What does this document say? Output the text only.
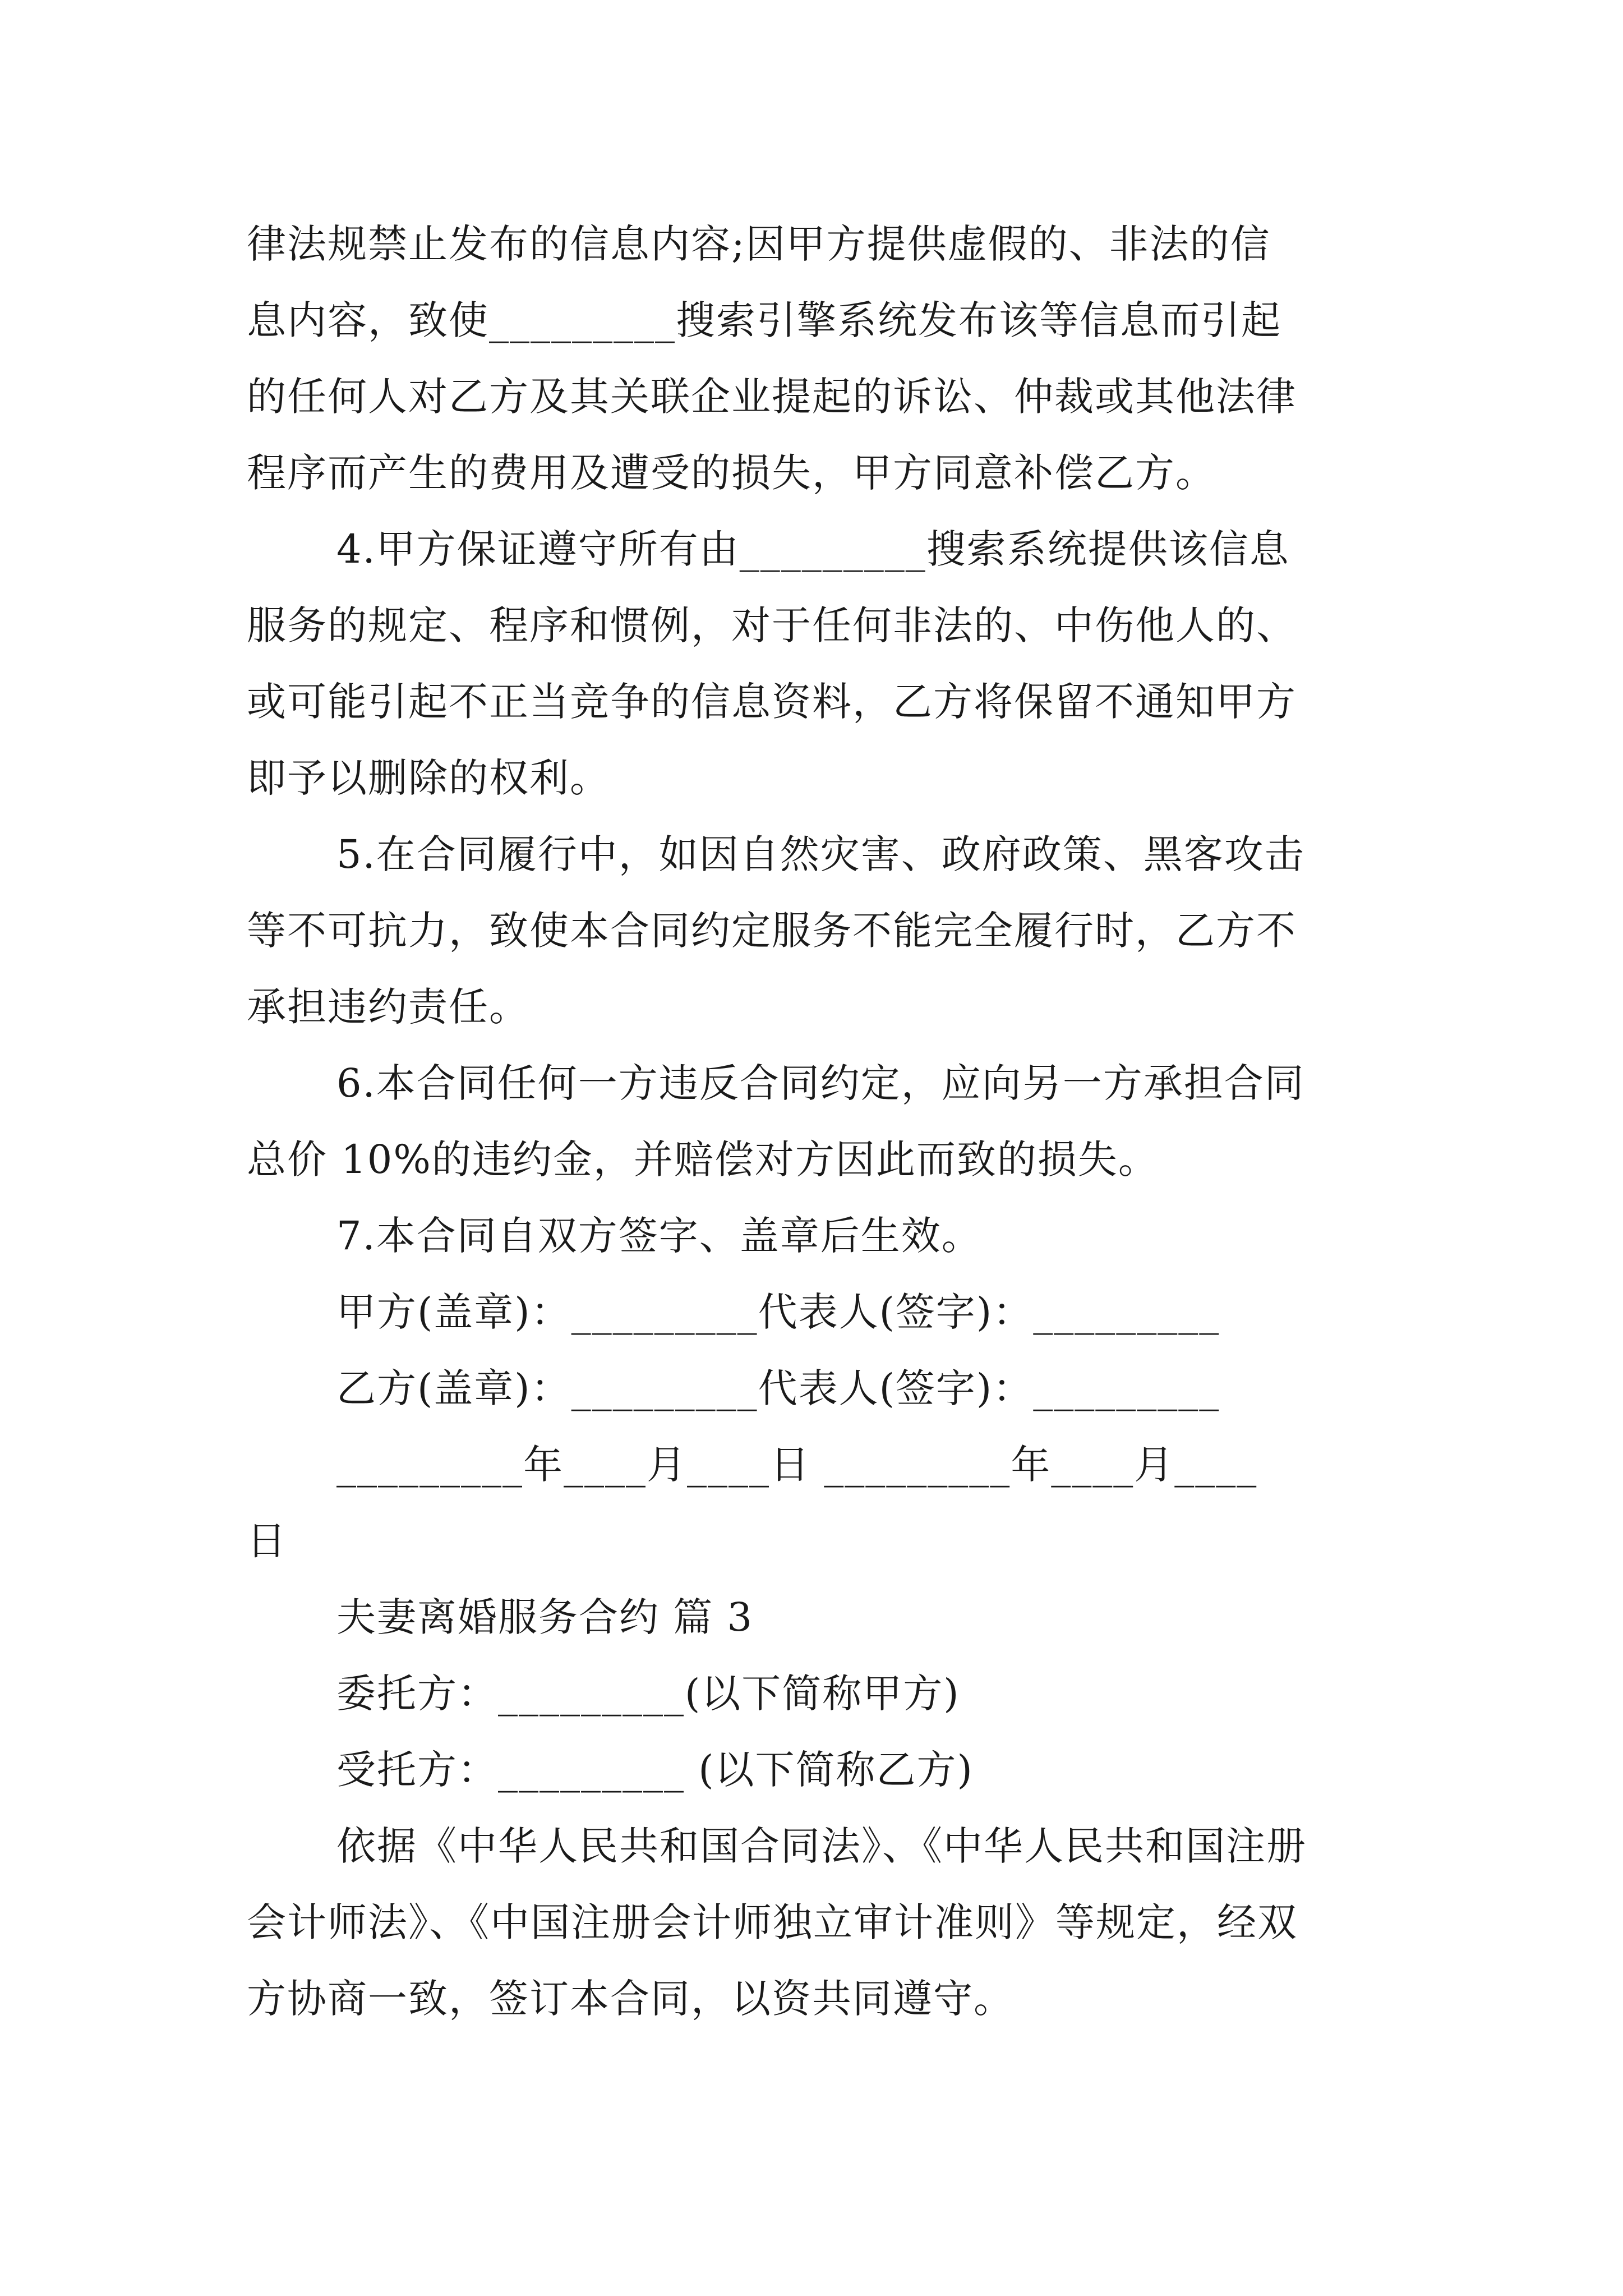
律法规禁止发布的信息内容;因甲方提供虚假的、非法的信
息内容，致使_________搜索引擎系统发布该等信息而引起
的任何人对乙方及其关联企业提起的诉讼、仲裁或其他法律
程序而产生的费用及遭受的损失，甲方同意补偿乙方。
4.甲方保证遵守所有由_________搜索系统提供该信息
服务的规定、程序和惯例，对于任何非法的、中伤他人的、
或可能引起不正当竞争的信息资料，乙方将保留不通知甲方
即予以删除的权利。
5.在合同履行中，如因自然灾害、政府政策、黑客攻击
等不可抗力，致使本合同约定服务不能完全履行时，乙方不
承担违约责任。
6.本合同任何一方违反合同约定，应向另一方承担合同
总价 10%的违约金，并赔偿对方因此而致的损失。
7.本合同自双方签字、盖章后生效。
甲方(盖章)：_________代表人(签字)：_________
乙方(盖章)：_________代表人(签字)：_________
_________年____月____日 _________年____月____
日
夫妻离婚服务合约 篇 3
委托方：_________(以下简称甲方)
受托方：_________ (以下简称乙方)
依据《中华人民共和国合同法》、《中华人民共和国注册
会计师法》、《中国注册会计师独立审计准则》等规定，经双
方协商一致，签订本合同，以资共同遵守。
